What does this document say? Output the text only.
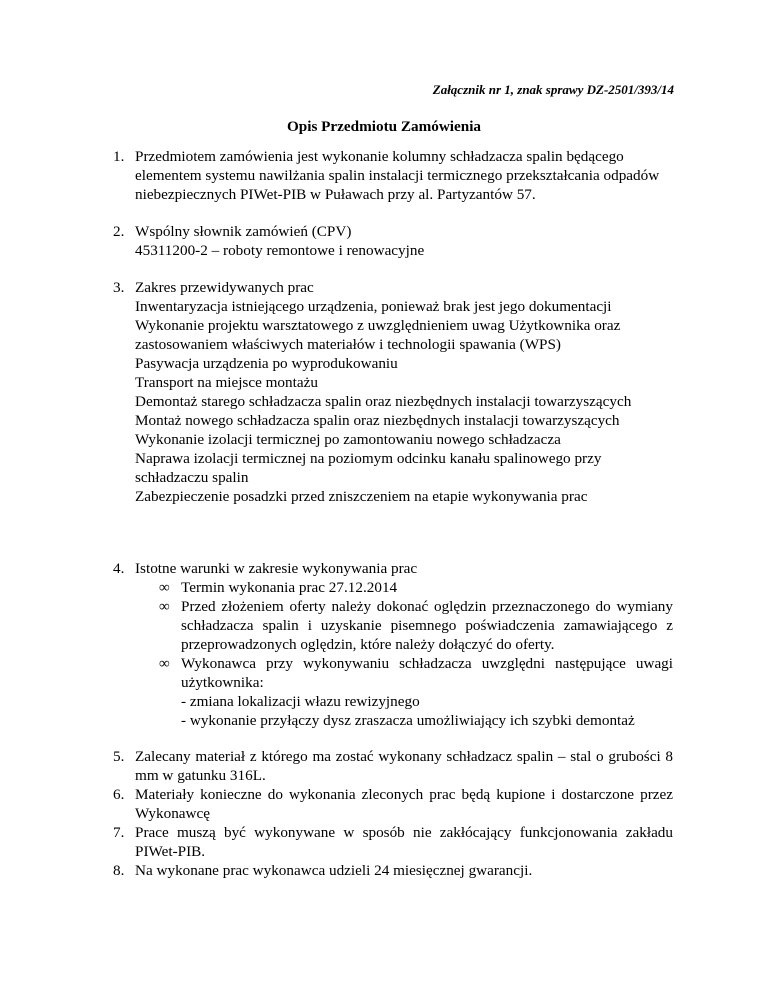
Załącznik nr 1, znak sprawy DZ-2501/393/14
Opis Przedmiotu Zamówienia
1. Przedmiotem zamówienia jest wykonanie kolumny schładzacza spalin będącego
elementem systemu nawilżania spalin instalacji termicznego przekształcania odpadów
niebezpiecznych PIWet-PIB w Puławach przy al. Partyzantów 57.
2. Wspólny słownik zamówień (CPV)
45311200-2 – roboty remontowe i renowacyjne
3. Zakres przewidywanych prac
Inwentaryzacja istniejącego urządzenia, ponieważ brak jest jego dokumentacji
Wykonanie projektu warsztatowego z uwzględnieniem uwag Użytkownika oraz
zastosowaniem właściwych materiałów i technologii spawania (WPS)
Pasywacja urządzenia po wyprodukowaniu
Transport na miejsce montażu
Demontaż starego schładzacza spalin oraz niezbędnych instalacji towarzyszących
Montaż nowego schładzacza spalin oraz niezbędnych instalacji towarzyszących
Wykonanie izolacji termicznej po zamontowaniu nowego schładzacza
Naprawa izolacji termicznej na poziomym odcinku kanału spalinowego przy
schładzaczu spalin
Zabezpieczenie posadzki przed zniszczeniem na etapie wykonywania prac
4. Istotne warunki w zakresie wykonywania prac
∞ Termin wykonania prac 27.12.2014
∞ Przed złożeniem oferty należy dokonać oględzin przeznaczonego do wymiany schładzacza spalin i uzyskanie pisemnego poświadczenia zamawiającego z przeprowadzonych oględzin, które należy dołączyć do oferty.
∞ Wykonawca przy wykonywaniu schładzacza uwzględni następujące uwagi użytkownika:
- zmiana lokalizacji włazu rewizyjnego
- wykonanie przyłączy dysz zraszacza umożliwiający ich szybki demontaż
5. Zalecany materiał z którego ma zostać wykonany schładzacz spalin – stal o grubości 8 mm w gatunku 316L.
6. Materiały konieczne do wykonania zleconych prac będą kupione i dostarczone przez Wykonawcę
7. Prace muszą być wykonywane w sposób nie zakłócający funkcjonowania zakładu PIWet-PIB.
8. Na wykonane prac wykonawca udzieli 24 miesięcznej gwarancji.
